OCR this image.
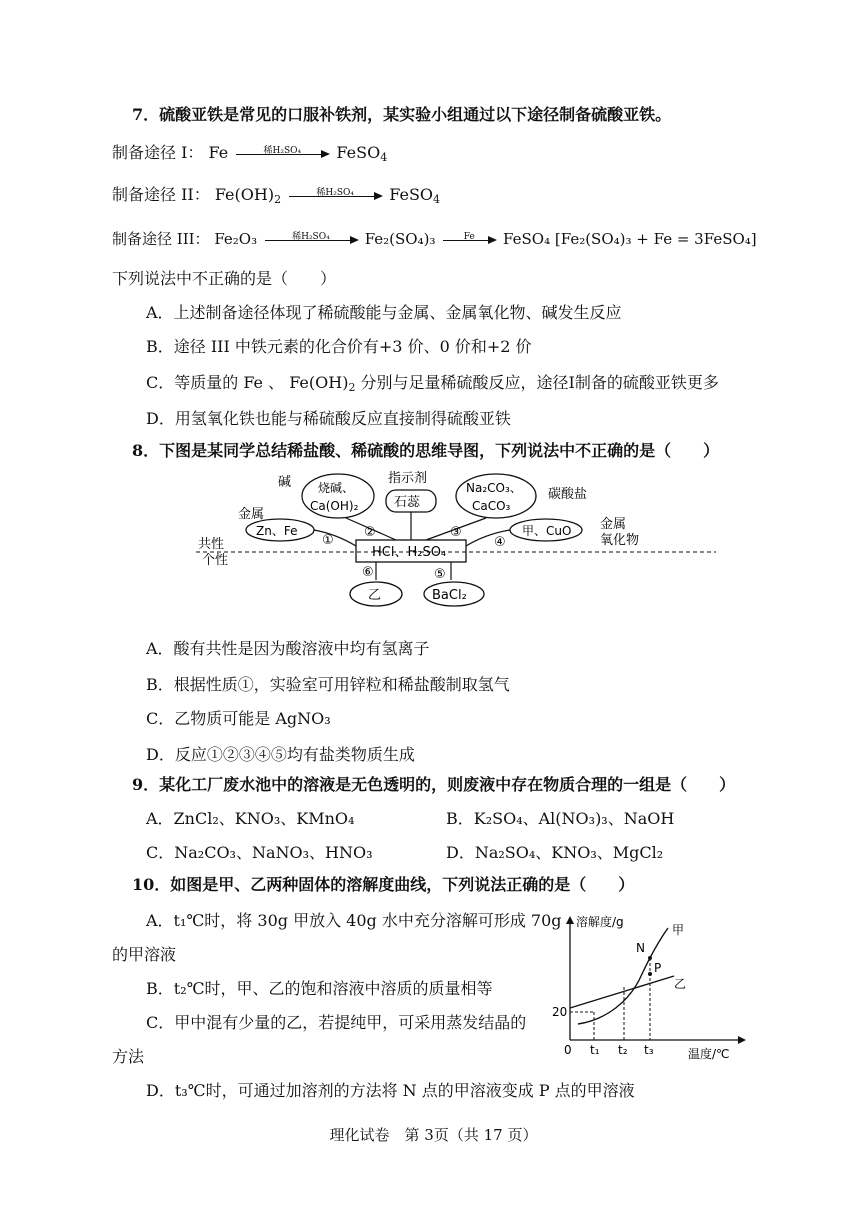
7．硫酸亚铁是常见的口服补铁剂，某实验小组通过以下途径制备硫酸亚铁。
制备途径 I： Fe	稀H₂SO₄	FeSO$_4$
制备途径 II： $Fe(OH)_2$
稀H₂SO₄	FeSO$_4$
制备途径 III： Fe₂O₃	稀H₂SO₄	Fe₂(SO₄)₃	Fe	FeSO₄ [Fe₂(SO₄)₃ + Fe = 3FeSO₄]
下列说法中不正确的是（　　）
A．上述制备途径体现了稀硫酸能与金属、金属氧化物、碱发生反应
B．途径 III 中铁元素的化合价有+3 价、0 价和+2 价
C．等质量的 Fe 、 $Fe(OH)_2$ 分别与足量稀硫酸反应，途径Ⅰ制备的硫酸亚铁更多
D．用氢氧化铁也能与稀硫酸反应直接制得硫酸亚铁
8．下图是某同学总结稀盐酸、稀硫酸的思维导图，下列说法中不正确的是（　　）
指示剂
石蕊
碱 烧碱、
Ca(OH)₂
Na₂CO₃、
CaCO₃
碳酸盐
金属
Zn、Fe	甲、CuO 金属
氧化物
HCl、H₂SO₄
①
②	③
④
⑤
⑥
共性
个性
乙	BaCl₂
A．酸有共性是因为酸溶液中均有氢离子
B．根据性质①，实验室可用锌粒和稀盐酸制取氢气
C．乙物质可能是 AgNO₃
D．反应①②③④⑤均有盐类物质生成
9．某化工厂废水池中的溶液是无色透明的，则废液中存在物质合理的一组是（　　）
A．ZnCl₂、KNO₃、KMnO₄	B．K₂SO₄、Al(NO₃)₃、NaOH
C．Na₂CO₃、NaNO₃、HNO₃	D．Na₂SO₄、KNO₃、MgCl₂
10．如图是甲、乙两种固体的溶解度曲线，下列说法正确的是（　　）
A．t₁℃时，将 30g 甲放入 40g 水中充分溶解可形成 70g
的甲溶液
B．t₂℃时，甲、乙的饱和溶液中溶质的质量相等
C．甲中混有少量的乙，若提纯甲，可采用蒸发结晶的
方法
D．t₃℃时，可通过加溶剂的方法将 N 点的甲溶液变成 P 点的甲溶液
溶解度/g
温度/℃
0
20
t₁ t₂ t₃
甲
乙
N
P
理化试卷　第 3页（共 17 页）
